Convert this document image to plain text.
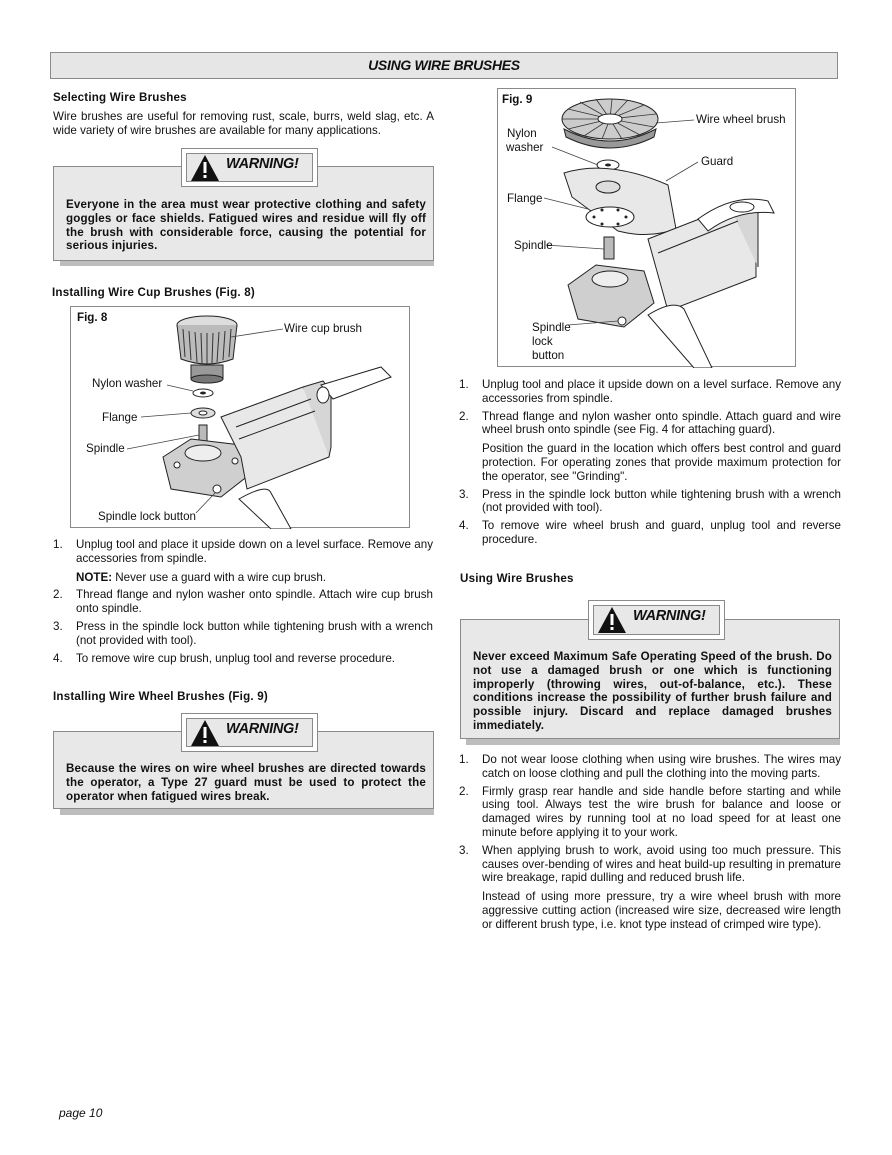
USING WIRE BRUSHES
Selecting Wire Brushes
Wire brushes are useful for removing rust, scale, burrs, weld slag, etc. A wide variety of wire brushes are available for many applications.
WARNING!
Everyone in the area must wear protective clothing and safety goggles or face shields. Fatigued wires and residue will fly off the brush with considerable force, causing the potential for serious injuries.
Installing Wire Cup Brushes (Fig. 8)
Fig. 8
Wire cup brush
Nylon washer
Flange
Spindle
Spindle lock button
1. Unplug tool and place it upside down on a level surface. Remove any accessories from spindle.
NOTE: Never use a guard with a wire cup brush.
2. Thread flange and nylon washer onto spindle. Attach wire cup brush onto spindle.
3. Press in the spindle lock button while tightening brush with a wrench (not provided with tool).
4. To remove wire cup brush, unplug tool and reverse procedure.
Installing Wire Wheel Brushes (Fig. 9)
WARNING!
Because the wires on wire wheel brushes are directed towards the operator, a Type 27 guard must be used to protect the operator when fatigued wires break.
Fig. 9
Wire wheel brush
Nylon
washer
Guard
Flange
Spindle
Spindle
lock
button
1. Unplug tool and place it upside down on a level surface. Remove any accessories from spindle.
2. Thread flange and nylon washer onto spindle. Attach guard and wire wheel brush onto spindle (see Fig. 4 for attaching guard).
Position the guard in the location which offers best control and guard protection. For operating zones that provide maximum protection for the operator, see "Grinding".
3. Press in the spindle lock button while tightening brush with a wrench (not provided with tool).
4. To remove wire wheel brush and guard, unplug tool and reverse procedure.
Using Wire Brushes
WARNING!
Never exceed Maximum Safe Operating Speed of the brush. Do not use a damaged brush or one which is functioning improperly (throwing wires, out-of-balance, etc.). These conditions increase the possibility of further brush failure and possible injury. Discard and replace damaged brushes immediately.
1. Do not wear loose clothing when using wire brushes. The wires may catch on loose clothing and pull the clothing into the moving parts.
2. Firmly grasp rear handle and side handle before starting and while using tool. Always test the wire brush for balance and loose or damaged wires by running tool at no load speed for at least one minute before applying it to your work.
3. When applying brush to work, avoid using too much pressure. This causes over-bending of wires and heat build-up resulting in premature wire breakage, rapid dulling and reduced brush life.
Instead of using more pressure, try a wire wheel brush with more aggressive cutting action (increased wire size, decreased wire length or different brush type, i.e. knot type instead of crimped wire type).
page 10
